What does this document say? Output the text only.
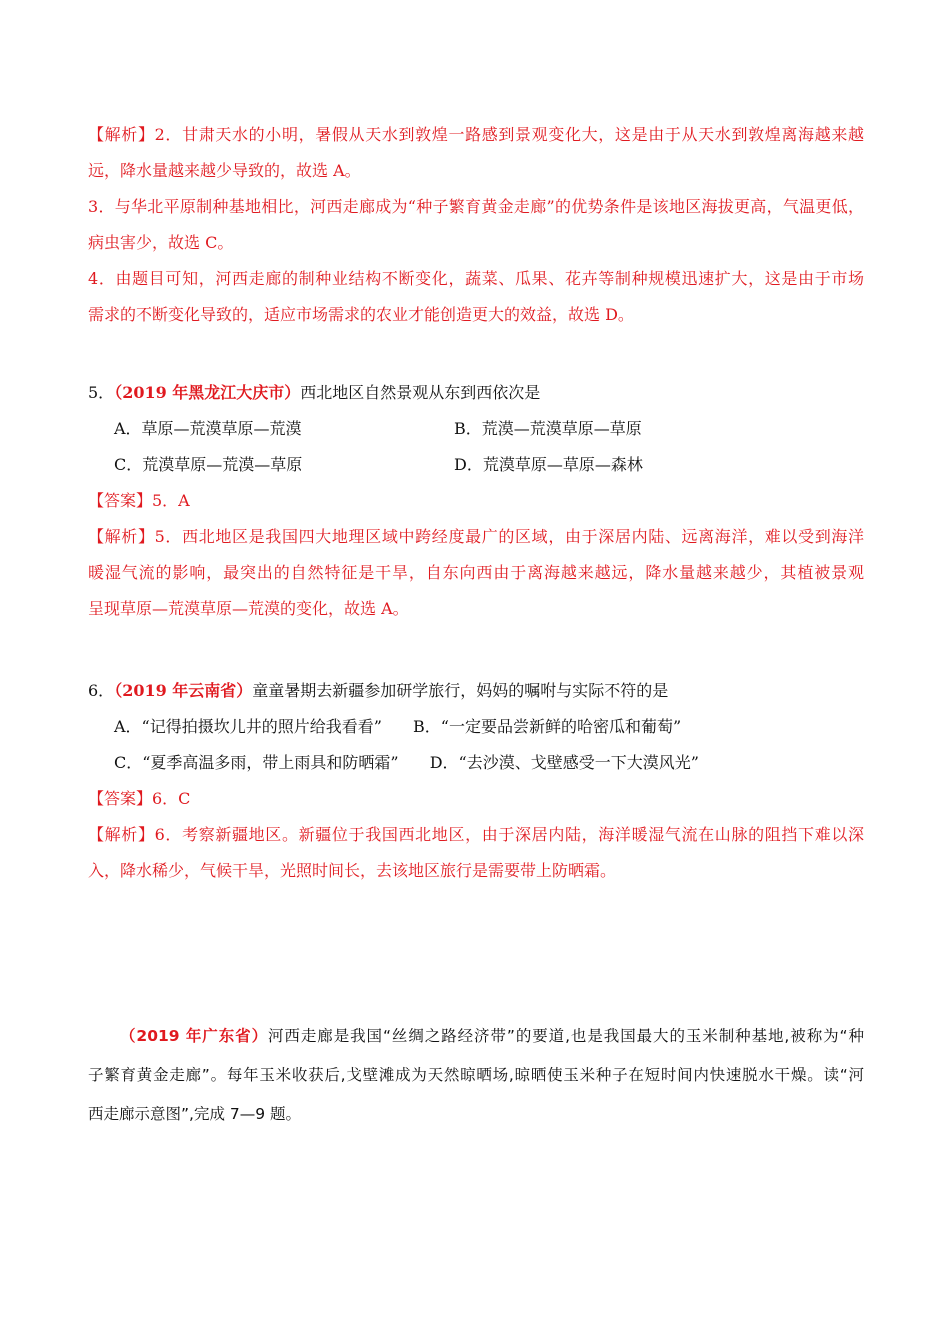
【解析】2．甘肃天水的小明，暑假从天水到敦煌一路感到景观变化大，这是由于从天水到敦煌离海越来越
远，降水量越来越少导致的，故选 A。
3．与华北平原制种基地相比，河西走廊成为“种子繁育黄金走廊”的优势条件是该地区海拔更高，气温更低，
病虫害少，故选 C。
4．由题目可知，河西走廊的制种业结构不断变化，蔬菜、瓜果、花卉等制种规模迅速扩大，这是由于市场
需求的不断变化导致的，适应市场需求的农业才能创造更大的效益，故选 D。
5．（2019 年黑龙江大庆市）西北地区自然景观从东到西依次是
A．草原—荒漠草原—荒漠	B．荒漠—荒漠草原—草原
C．荒漠草原—荒漠—草原	D．荒漠草原—草原—森林
【答案】5．A
【解析】5．西北地区是我国四大地理区域中跨经度最广的区域，由于深居内陆、远离海洋，难以受到海洋
暖湿气流的影响，最突出的自然特征是干旱，自东向西由于离海越来越远，降水量越来越少，其植被景观
呈现草原—荒漠草原—荒漠的变化，故选 A。
6．（2019 年云南省）童童暑期去新疆参加研学旅行，妈妈的嘱咐与实际不符的是
A．“记得拍摄坎儿井的照片给我看看” B．“一定要品尝新鲜的哈密瓜和葡萄” C．“夏季高温多雨，带上雨具和防晒霜” D．“去沙漠、戈壁感受一下大漠风光”
【答案】6．C
【解析】6．考察新疆地区。新疆位于我国西北地区，由于深居内陆，海洋暖湿气流在山脉的阻挡下难以深
入，降水稀少，气候干旱，光照时间长，去该地区旅行是需要带上防晒霜。
（2019 年广东省）河西走廊是我国“丝绸之路经济带”的要道,也是我国最大的玉米制种基地,被称为“种
子繁育黄金走廊”。每年玉米收获后,戈壁滩成为天然晾晒场,晾晒使玉米种子在短时间内快速脱水干燥。读“河
西走廊示意图”,完成 7—9 题。
